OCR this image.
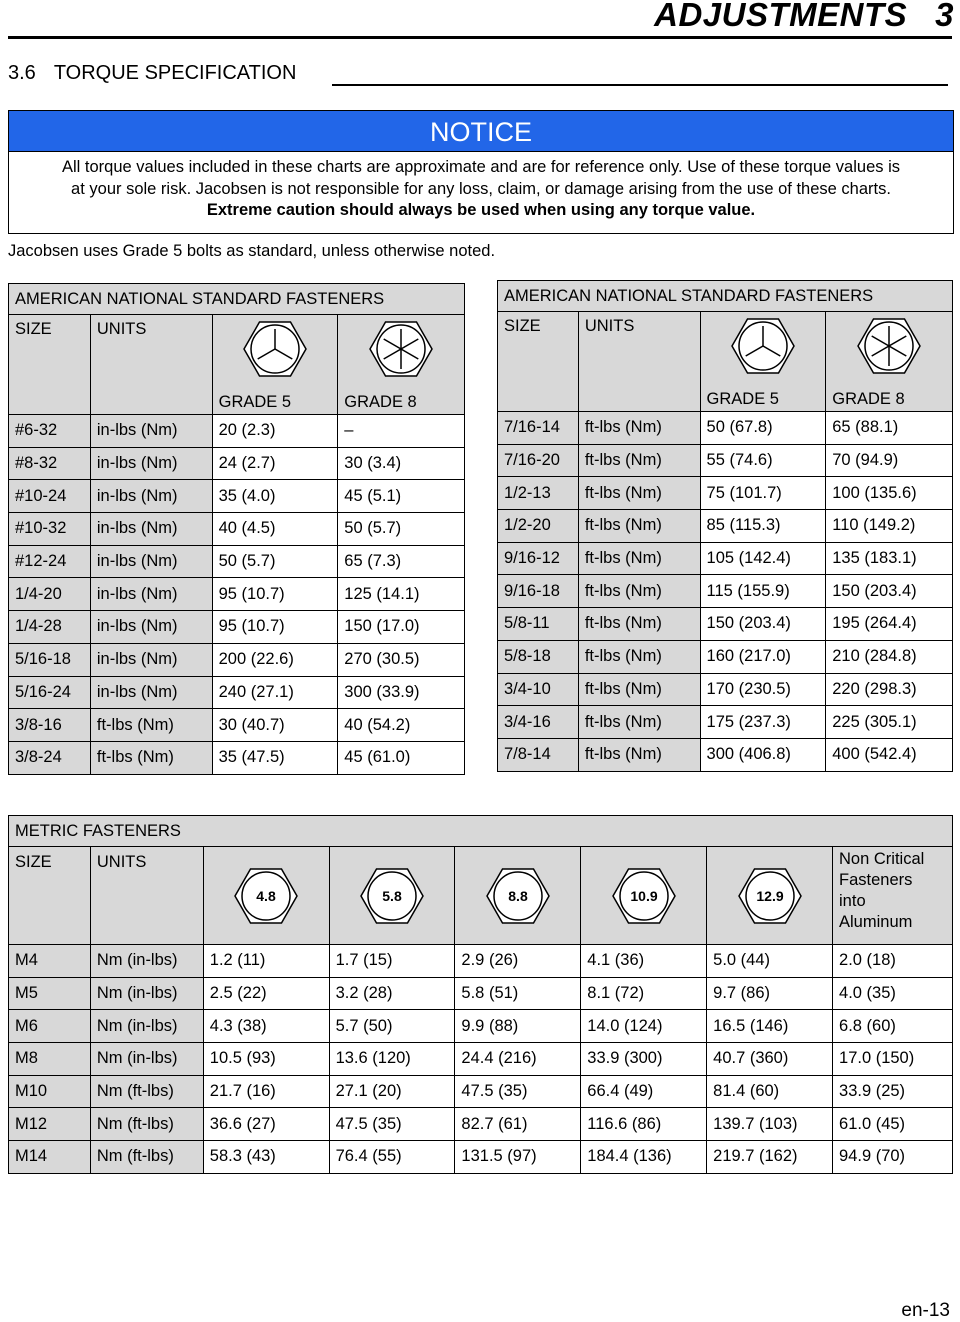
ADJUSTMENTS 3
3.6 TORQUE SPECIFICATION
NOTICE
All torque values included in these charts are approximate and are for reference only. Use of these torque values is
at your sole risk. Jacobsen is not responsible for any loss, claim, or damage arising from the use of these charts.
Extreme caution should always be used when using any torque value.
Jacobsen uses Grade 5 bolts as standard, unless otherwise noted.
AMERICAN NATIONAL STANDARD FASTENERS			
SIZE	UNITS	GRADE 5	GRADE 8

#6-32	in-lbs (Nm)	20 (2.3)	–
#8-32	in-lbs (Nm)	24 (2.7)	30 (3.4)
#10-24	in-lbs (Nm)	35 (4.0)	45 (5.1)
#10-32	in-lbs (Nm)	40 (4.5)	50 (5.7)
#12-24	in-lbs (Nm)	50 (5.7)	65 (7.3)
1/4-20	in-lbs (Nm)	95 (10.7)	125 (14.1)
1/4-28	in-lbs (Nm)	95 (10.7)	150 (17.0)
5/16-18	in-lbs (Nm)	200 (22.6)	270 (30.5)
5/16-24	in-lbs (Nm)	240 (27.1)	300 (33.9)
3/8-16	ft-lbs (Nm)	30 (40.7)	40 (54.2)
3/8-24	ft-lbs (Nm)	35 (47.5)	45 (61.0)
AMERICAN NATIONAL STANDARD FASTENERS			
SIZE	UNITS	GRADE 5	GRADE 8

7/16-14	ft-lbs (Nm)	50 (67.8)	65 (88.1)
7/16-20	ft-lbs (Nm)	55 (74.6)	70 (94.9)
1/2-13	ft-lbs (Nm)	75 (101.7)	100 (135.6)
1/2-20	ft-lbs (Nm)	85 (115.3)	110 (149.2)
9/16-12	ft-lbs (Nm)	105 (142.4)	135 (183.1)
9/16-18	ft-lbs (Nm)	115 (155.9)	150 (203.4)
5/8-11	ft-lbs (Nm)	150 (203.4)	195 (264.4)
5/8-18	ft-lbs (Nm)	160 (217.0)	210 (284.8)
3/4-10	ft-lbs (Nm)	170 (230.5)	220 (298.3)
3/4-16	ft-lbs (Nm)	175 (237.3)	225 (305.1)
7/8-14	ft-lbs (Nm)	300 (406.8)	400 (542.4)
METRIC FASTENERS							
SIZE	UNITS	4.8	5.8	8.8	10.9	12.9	Non Critical
Fasteners
into
Aluminum

M4	Nm (in-lbs)	1.2 (11)	1.7 (15)	2.9 (26)	4.1 (36)	5.0 (44)	2.0 (18)
M5	Nm (in-lbs)	2.5 (22)	3.2 (28)	5.8 (51)	8.1 (72)	9.7 (86)	4.0 (35)
M6	Nm (in-lbs)	4.3 (38)	5.7 (50)	9.9 (88)	14.0 (124)	16.5 (146)	6.8 (60)
M8	Nm (in-lbs)	10.5 (93)	13.6 (120)	24.4 (216)	33.9 (300)	40.7 (360)	17.0 (150)
M10	Nm (ft-lbs)	21.7 (16)	27.1 (20)	47.5 (35)	66.4 (49)	81.4 (60)	33.9 (25)
M12	Nm (ft-lbs)	36.6 (27)	47.5 (35)	82.7 (61)	116.6 (86)	139.7 (103)	61.0 (45)
M14	Nm (ft-lbs)	58.3 (43)	76.4 (55)	131.5 (97)	184.4 (136)	219.7 (162)	94.9 (70)
en-13
